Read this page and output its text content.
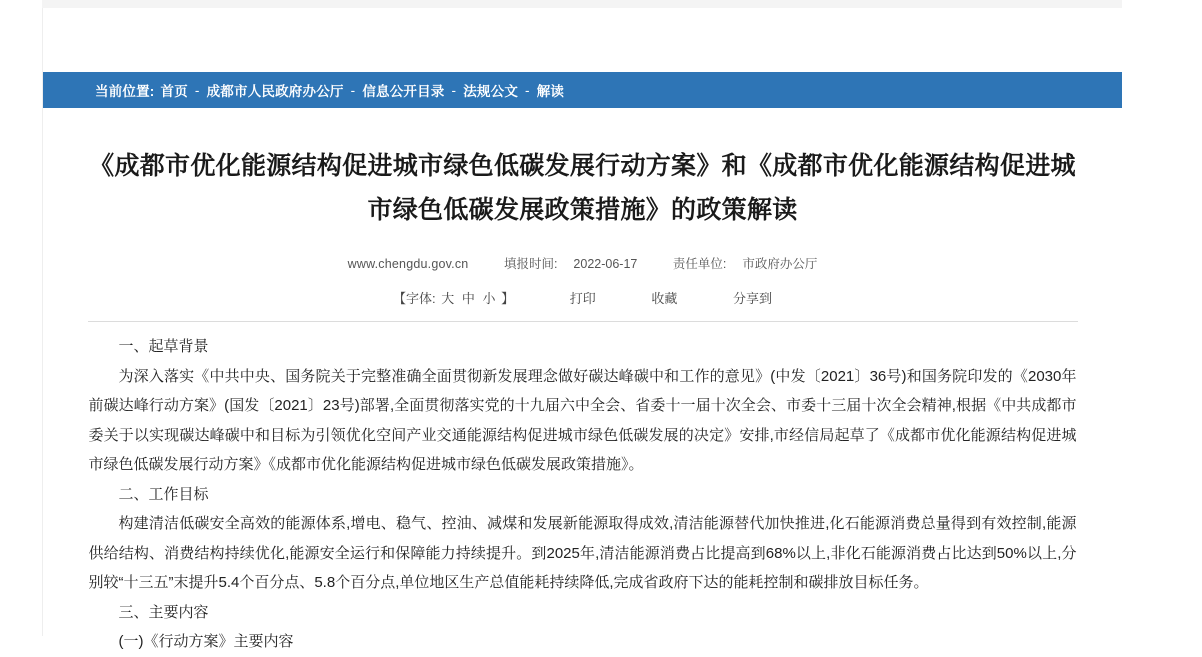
当前位置: 首页 - 成都市人民政府办公厅 - 信息公开目录 - 法规公文 - 解读
《成都市优化能源结构促进城市绿色低碳发展行动方案》和《成都市优化能源结构促进城市绿色低碳发展政策措施》的政策解读
www.chengdu.gov.cn	填报时间: 2022-06-17	责任单位: 市政府办公厅
【字体: 大 中 小 】	打印	收藏	分享到

一、起草背景

为深入落实《中共中央、国务院关于完整准确全面贯彻新发展理念做好碳达峰碳中和工作的意见》(中发〔2021〕36号)和国务院印发的《2030年前碳达峰行动方案》(国发〔2021〕23号)部署,全面贯彻落实党的十九届六中全会、省委十一届十次全会、市委十三届十次全会精神,根据《中共成都市委关于以实现碳达峰碳中和目标为引领优化空间产业交通能源结构促进城市绿色低碳发展的决定》安排,市经信局起草了《成都市优化能源结构促进城市绿色低碳发展行动方案》《成都市优化能源结构促进城市绿色低碳发展政策措施》。

二、工作目标

构建清洁低碳安全高效的能源体系,增电、稳气、控油、减煤和发展新能源取得成效,清洁能源替代加快推进,化石能源消费总量得到有效控制,能源供给结构、消费结构持续优化,能源安全运行和保障能力持续提升。到2025年,清洁能源消费占比提高到68%以上,非化石能源消费占比达到50%以上,分别较“十三五”末提升5.4个百分点、5.8个百分点,单位地区生产总值能耗持续降低,完成省政府下达的能耗控制和碳排放目标任务。

三、主要内容

(一)《行动方案》主要内容
